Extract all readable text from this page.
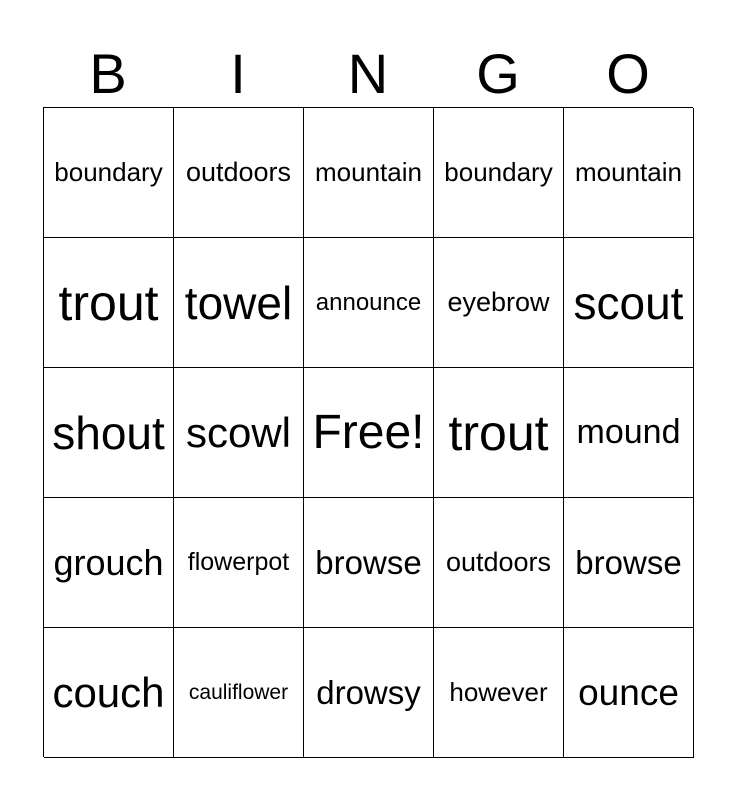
B	I	N	G	O
boundary outdoors mountain boundary mountain
trout towel announce eyebrow scout
shout scowl Free! trout mound
grouch flowerpot browse outdoors browse
couch cauliflower drowsy however ounce
